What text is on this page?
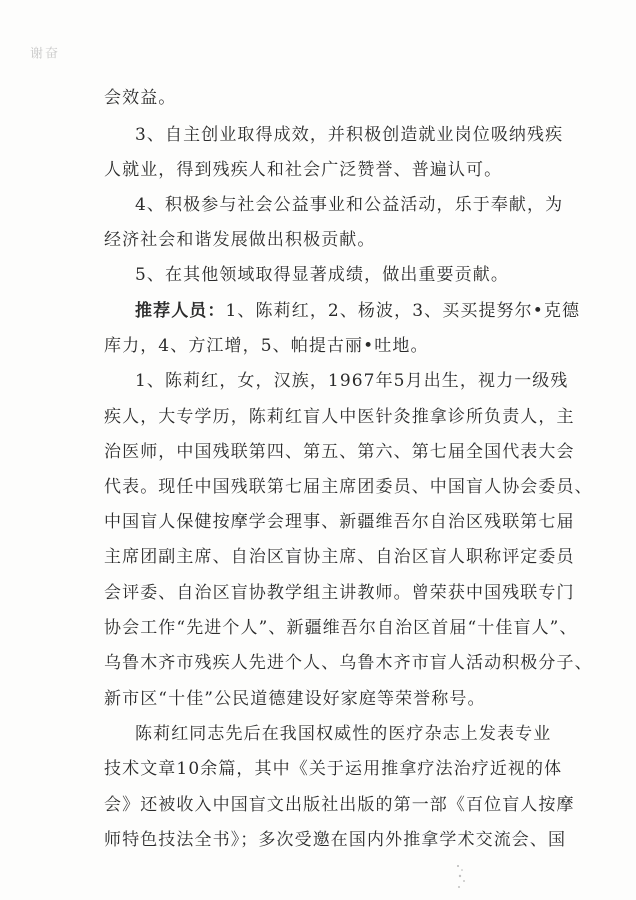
谢奋
会效益。
3、自主创业取得成效，并积极创造就业岗位吸纳残疾
人就业，得到残疾人和社会广泛赞誉、普遍认可。
4、积极参与社会公益事业和公益活动，乐于奉献，为
经济社会和谐发展做出积极贡献。
5、在其他领域取得显著成绩，做出重要贡献。
推荐人员：1、陈莉红，2、杨波，3、买买提努尔•克德
库力，4、方江增，5、帕提古丽•吐地。
1、陈莉红，女，汉族，1967年5月出生，视力一级残
疾人，大专学历，陈莉红盲人中医针灸推拿诊所负责人，主
治医师，中国残联第四、第五、第六、第七届全国代表大会
代表。现任中国残联第七届主席团委员、中国盲人协会委员、
中国盲人保健按摩学会理事、新疆维吾尔自治区残联第七届
主席团副主席、自治区盲协主席、自治区盲人职称评定委员
会评委、自治区盲协教学组主讲教师。曾荣获中国残联专门
协会工作“先进个人”、新疆维吾尔自治区首届“十佳盲人”、
乌鲁木齐市残疾人先进个人、乌鲁木齐市盲人活动积极分子、
新市区“十佳”公民道德建设好家庭等荣誉称号。
陈莉红同志先后在我国权威性的医疗杂志上发表专业
技术文章10余篇，其中《关于运用推拿疗法治疗近视的体
会》还被收入中国盲文出版社出版的第一部《百位盲人按摩
师特色技法全书》；多次受邀在国内外推拿学术交流会、国
